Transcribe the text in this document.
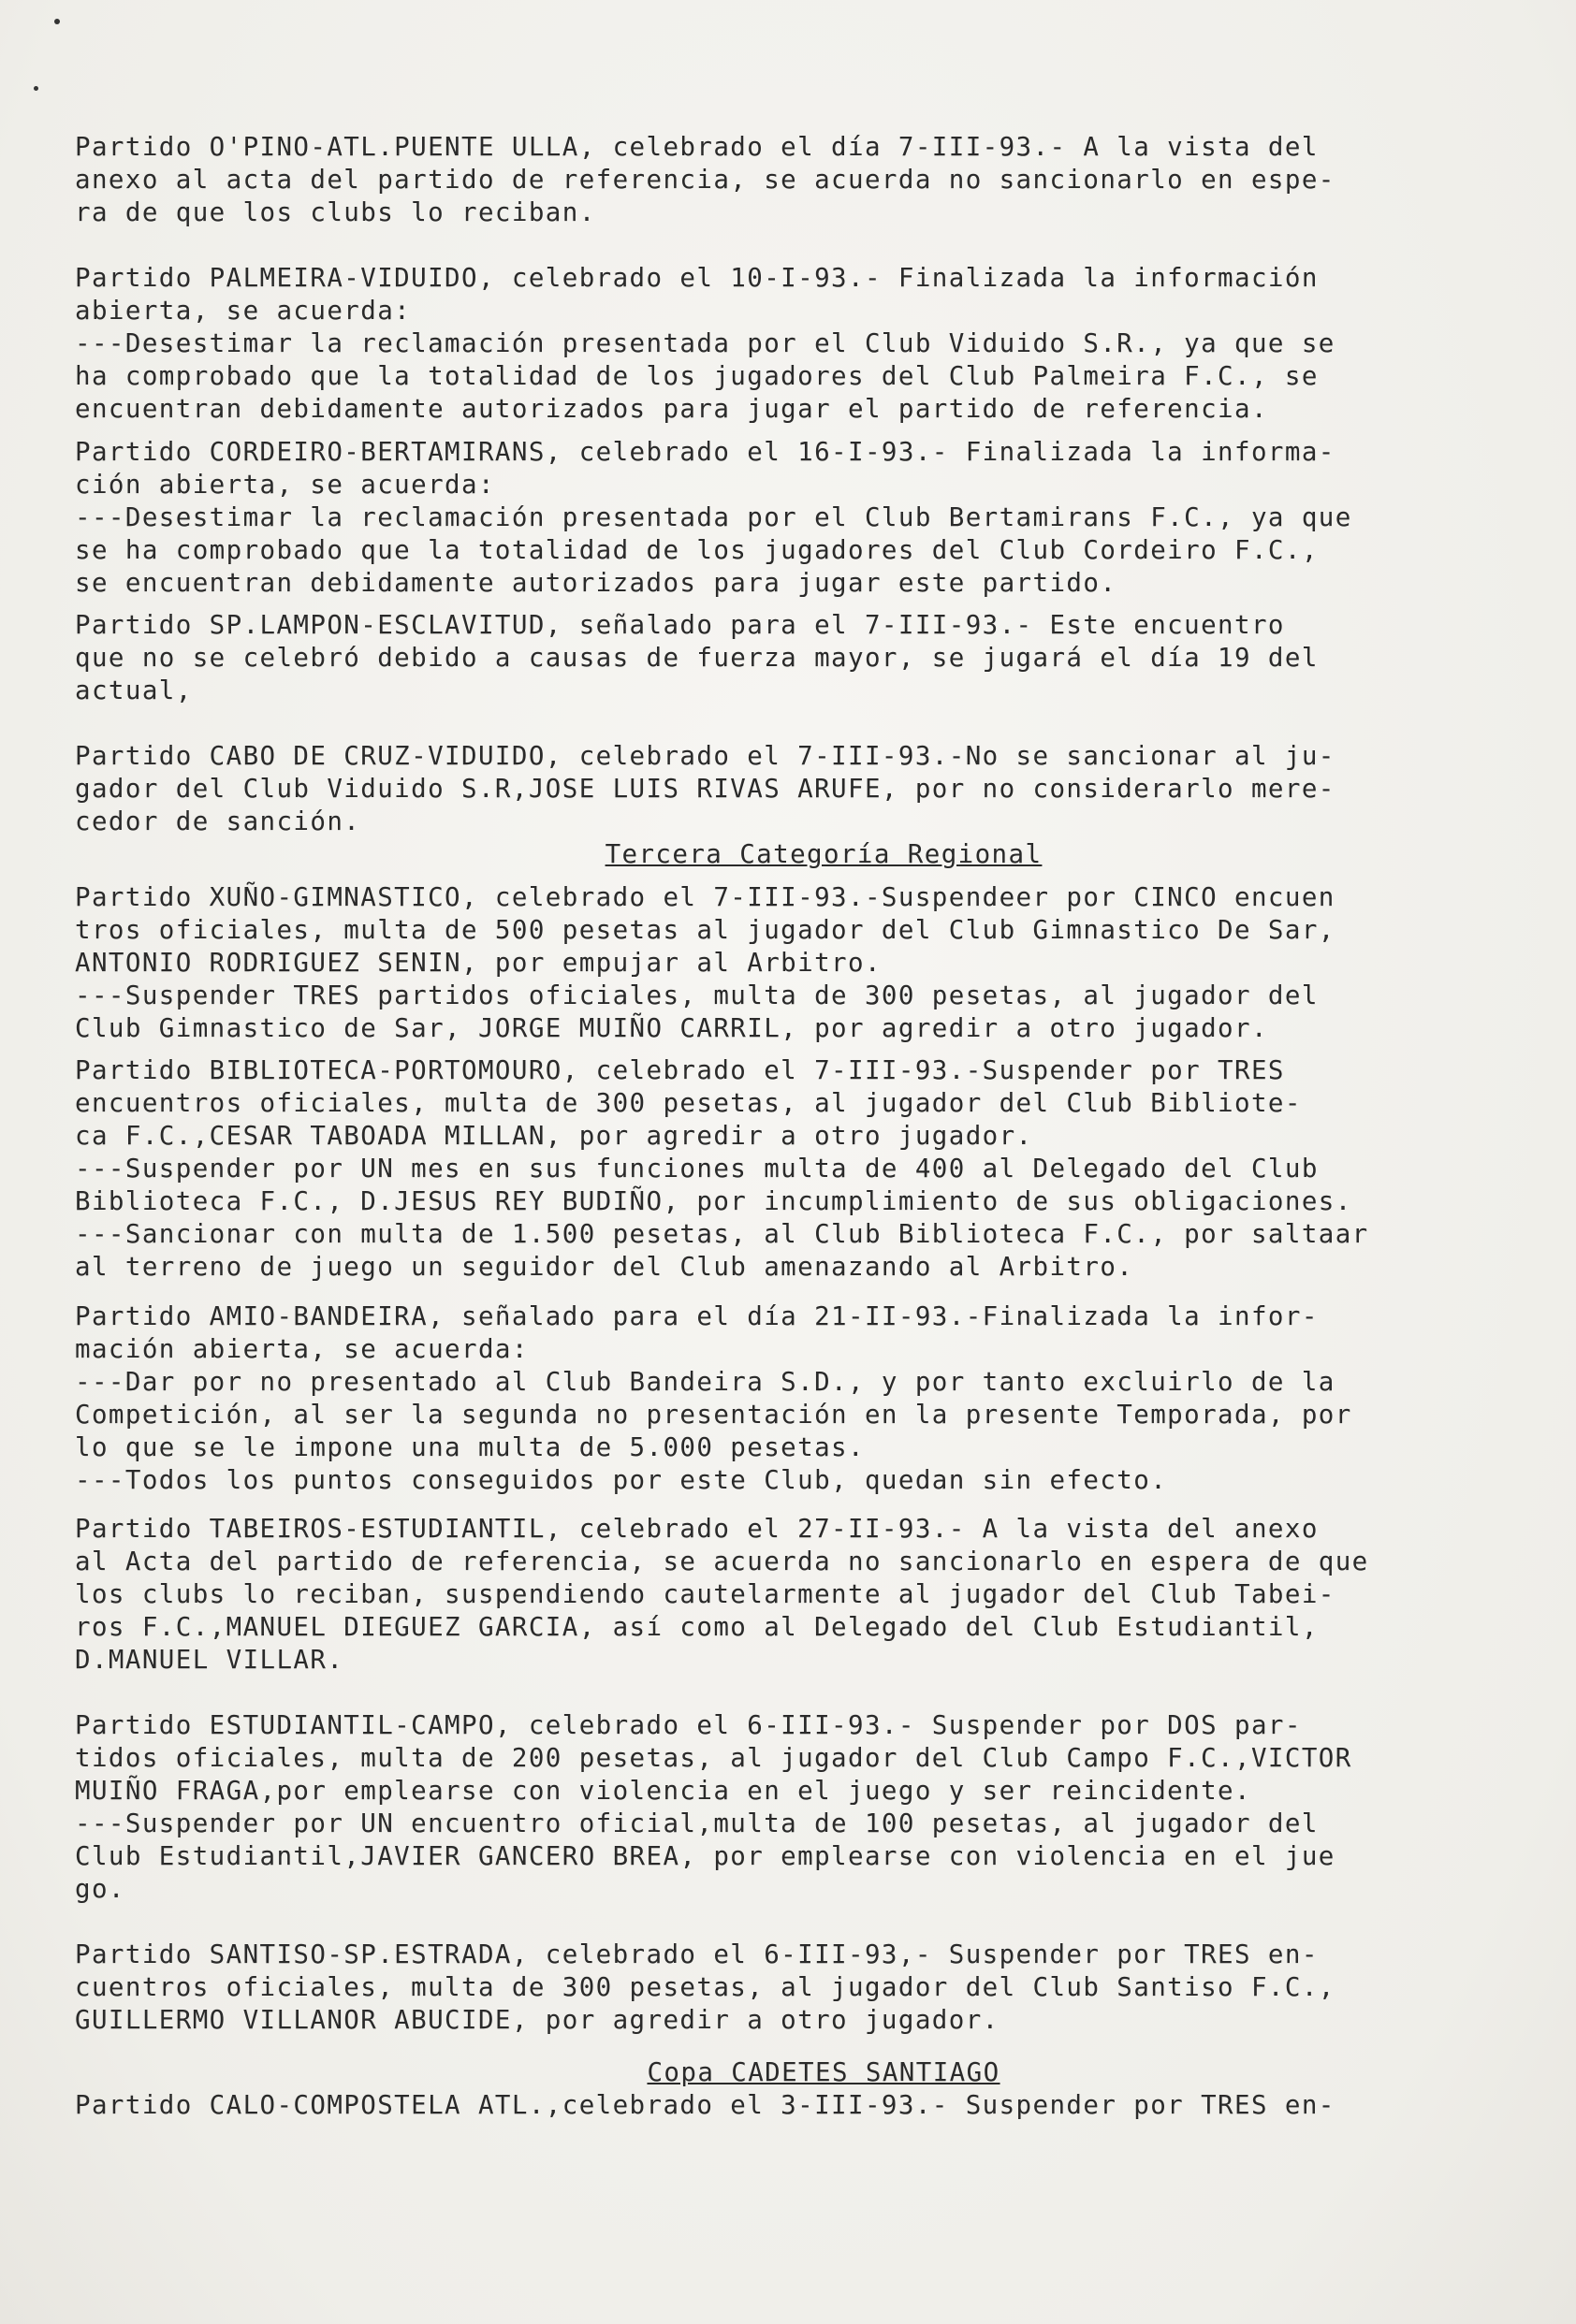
Partido O'PINO-ATL.PUENTE ULLA, celebrado el día 7-III-93.- A la vista del
anexo al acta del partido de referencia, se acuerda no sancionarlo en espe-
ra de que los clubs lo reciban.
Partido PALMEIRA-VIDUIDO, celebrado el 10-I-93.- Finalizada la información
abierta, se acuerda:
---Desestimar la reclamación presentada por el Club Viduido S.R., ya que se
ha comprobado que la totalidad de los jugadores del Club Palmeira F.C., se
encuentran debidamente autorizados para jugar el partido de referencia.
Partido CORDEIRO-BERTAMIRANS, celebrado el 16-I-93.- Finalizada la informa-
ción abierta, se acuerda:
---Desestimar la reclamación presentada por el Club Bertamirans F.C., ya que
se ha comprobado que la totalidad de los jugadores del Club Cordeiro F.C.,
se encuentran debidamente autorizados para jugar este partido.
Partido SP.LAMPON-ESCLAVITUD, señalado para el 7-III-93.- Este encuentro
que no se celebró debido a causas de fuerza mayor, se jugará el día 19 del
actual,
Partido CABO DE CRUZ-VIDUIDO, celebrado el 7-III-93.-No se sancionar al ju-
gador del Club Viduido S.R,JOSE LUIS RIVAS ARUFE, por no considerarlo mere-
cedor de sanción.
Tercera Categoría Regional
Partido XUÑO-GIMNASTICO, celebrado el 7-III-93.-Suspendeer por CINCO encuen
tros oficiales, multa de 500 pesetas al jugador del Club Gimnastico De Sar,
ANTONIO RODRIGUEZ SENIN, por empujar al Arbitro.
---Suspender TRES partidos oficiales, multa de 300 pesetas, al jugador del
Club Gimnastico de Sar, JORGE MUIÑO CARRIL, por agredir a otro jugador.
Partido BIBLIOTECA-PORTOMOURO, celebrado el 7-III-93.-Suspender por TRES
encuentros oficiales, multa de 300 pesetas, al jugador del Club Bibliote-
ca F.C.,CESAR TABOADA MILLAN, por agredir a otro jugador.
---Suspender por UN mes en sus funciones multa de 400 al Delegado del Club
Biblioteca F.C., D.JESUS REY BUDIÑO, por incumplimiento de sus obligaciones.
---Sancionar con multa de 1.500 pesetas, al Club Biblioteca F.C., por saltaar
al terreno de juego un seguidor del Club amenazando al Arbitro.
Partido AMIO-BANDEIRA, señalado para el día 21-II-93.-Finalizada la infor-
mación abierta, se acuerda:
---Dar por no presentado al Club Bandeira S.D., y por tanto excluirlo de la
Competición, al ser la segunda no presentación en la presente Temporada, por
lo que se le impone una multa de 5.000 pesetas.
---Todos los puntos conseguidos por este Club, quedan sin efecto.
Partido TABEIROS-ESTUDIANTIL, celebrado el 27-II-93.- A la vista del anexo
al Acta del partido de referencia, se acuerda no sancionarlo en espera de que
los clubs lo reciban, suspendiendo cautelarmente al jugador del Club Tabei-
ros F.C.,MANUEL DIEGUEZ GARCIA, así como al Delegado del Club Estudiantil,
D.MANUEL VILLAR.
Partido ESTUDIANTIL-CAMPO, celebrado el 6-III-93.- Suspender por DOS par-
tidos oficiales, multa de 200 pesetas, al jugador del Club Campo F.C.,VICTOR
MUIÑO FRAGA,por emplearse con violencia en el juego y ser reincidente.
---Suspender por UN encuentro oficial,multa de 100 pesetas, al jugador del
Club Estudiantil,JAVIER GANCERO BREA, por emplearse con violencia en el jue
go.
Partido SANTISO-SP.ESTRADA, celebrado el 6-III-93,- Suspender por TRES en-
cuentros oficiales, multa de 300 pesetas, al jugador del Club Santiso F.C.,
GUILLERMO VILLANOR ABUCIDE, por agredir a otro jugador.
Copa CADETES SANTIAGO
Partido CALO-COMPOSTELA ATL.,celebrado el 3-III-93.- Suspender por TRES en-
